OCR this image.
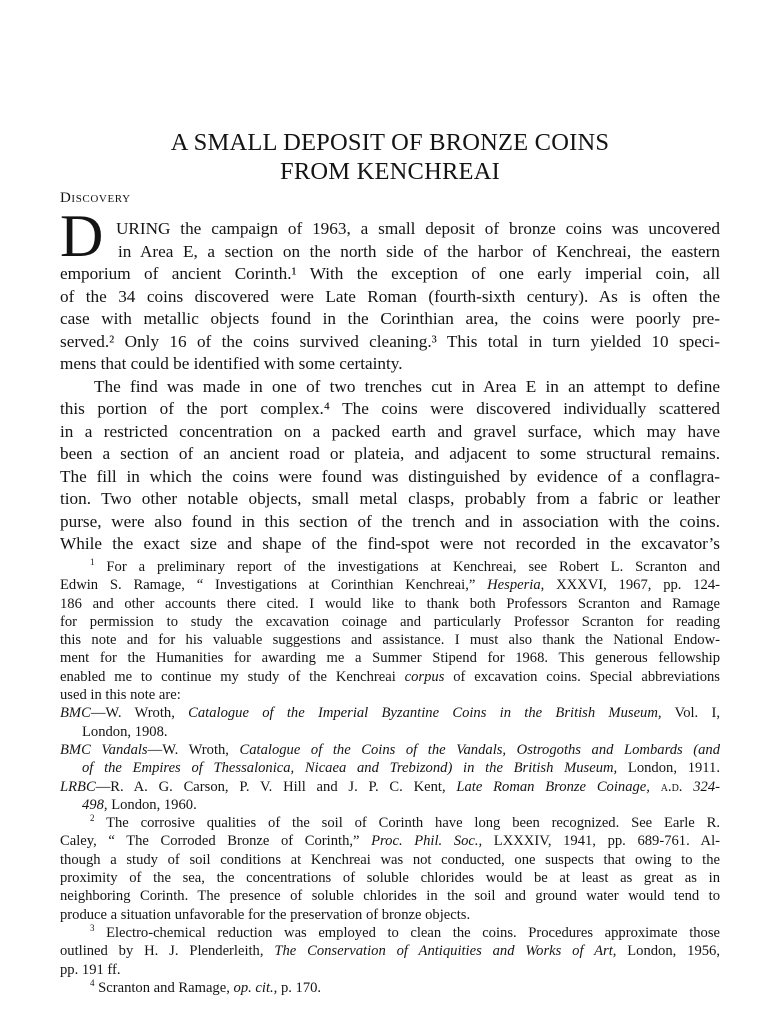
A SMALL DEPOSIT OF BRONZE COINS
FROM KENCHREAI
Discovery
D URING the campaign of 1963, a small deposit of bronze coins was uncovered
in Area E, a section on the north side of the harbor of Kenchreai, the eastern
emporium of ancient Corinth.¹ With the exception of one early imperial coin, all
of the 34 coins discovered were Late Roman (fourth-sixth century). As is often the
case with metallic objects found in the Corinthian area, the coins were poorly pre-
served.² Only 16 of the coins survived cleaning.³ This total in turn yielded 10 speci-
mens that could be identified with some certainty.
The find was made in one of two trenches cut in Area E in an attempt to define
this portion of the port complex.⁴ The coins were discovered individually scattered
in a restricted concentration on a packed earth and gravel surface, which may have
been a section of an ancient road or plateia, and adjacent to some structural remains.
The fill in which the coins were found was distinguished by evidence of a conflagra-
tion. Two other notable objects, small metal clasps, probably from a fabric or leather
purse, were also found in this section of the trench and in association with the coins.
While the exact size and shape of the find-spot were not recorded in the excavator’s
$^1$ For a preliminary report of the investigations at Kenchreai, see Robert L. Scranton and
Edwin S. Ramage, “ Investigations at Corinthian Kenchreai,” Hesperia, XXXVI, 1967, pp. 124-
186 and other accounts there cited. I would like to thank both Professors Scranton and Ramage
for permission to study the excavation coinage and particularly Professor Scranton for reading
this note and for his valuable suggestions and assistance. I must also thank the National Endow-
ment for the Humanities for awarding me a Summer Stipend for 1968. This generous fellowship
enabled me to continue my study of the Kenchreai corpus of excavation coins. Special abbreviations
used in this note are:
BMC—W. Wroth, Catalogue of the Imperial Byzantine Coins in the British Museum, Vol. I,
London, 1908.
BMC Vandals—W. Wroth, Catalogue of the Coins of the Vandals, Ostrogoths and Lombards (and
of the Empires of Thessalonica, Nicaea and Trebizond) in the British Museum, London, 1911.
LRBC—R. A. G. Carson, P. V. Hill and J. P. C. Kent, Late Roman Bronze Coinage, a.d. 324-
498, London, 1960.
$^2$ The corrosive qualities of the soil of Corinth have long been recognized. See Earle R.
Caley, “ The Corroded Bronze of Corinth,” Proc. Phil. Soc., LXXXIV, 1941, pp. 689-761. Al-
though a study of soil conditions at Kenchreai was not conducted, one suspects that owing to the
proximity of the sea, the concentrations of soluble chlorides would be at least as great as in
neighboring Corinth. The presence of soluble chlorides in the soil and ground water would tend to
produce a situation unfavorable for the preservation of bronze objects.
$^3$ Electro-chemical reduction was employed to clean the coins. Procedures approximate those
outlined by H. J. Plenderleith, The Conservation of Antiquities and Works of Art, London, 1956,
pp. 191 ff.
$^4$ Scranton and Ramage, op. cit., p. 170.
